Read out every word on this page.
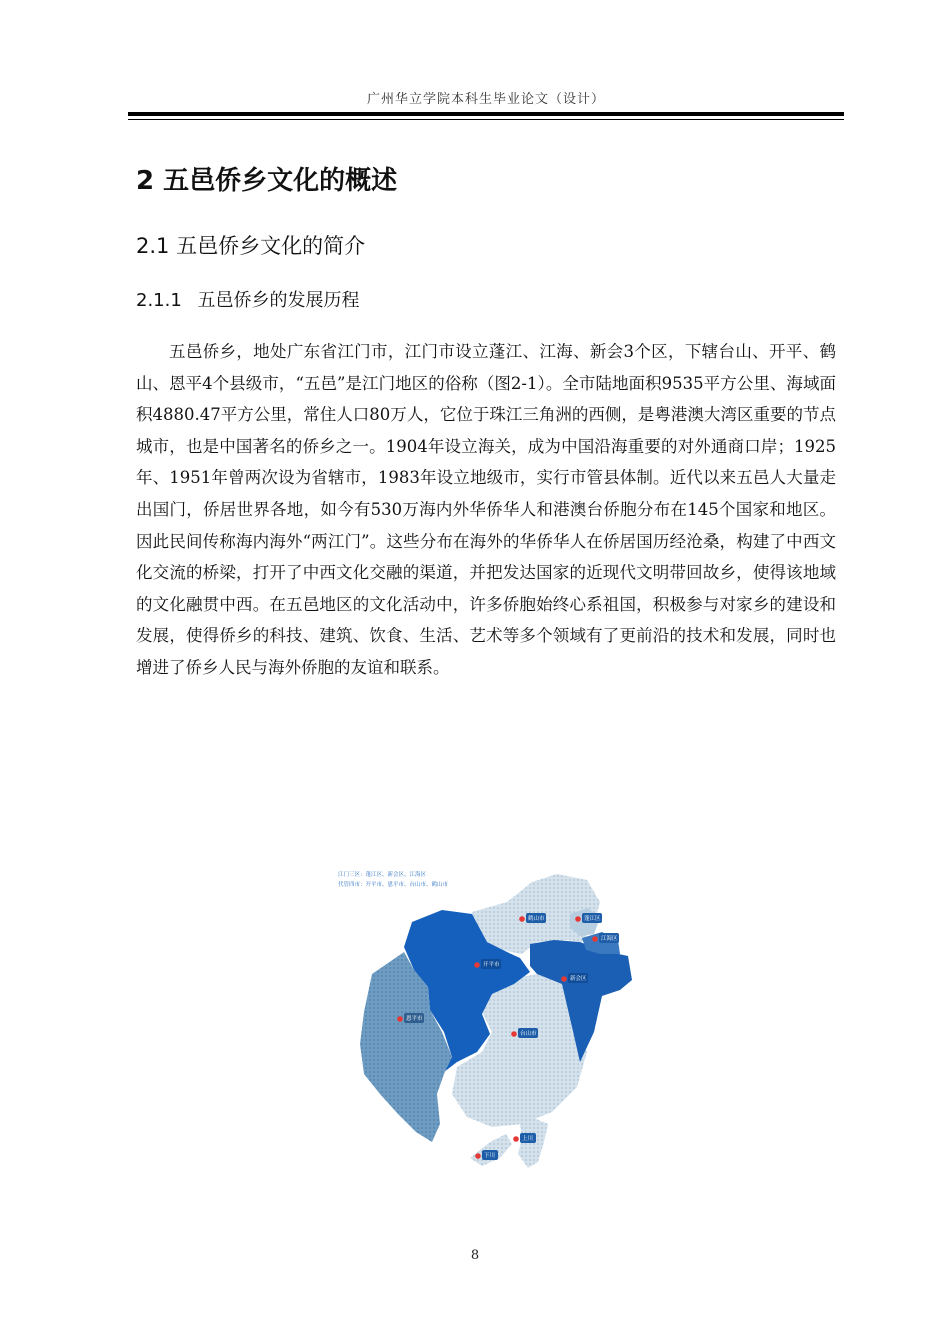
广州华立学院本科生毕业论文（设计）
2 五邑侨乡文化的概述
2.1 五邑侨乡文化的简介
2.1.1 五邑侨乡的发展历程

五邑侨乡，地处广东省江门市，江门市设立蓬江、江海、新会3个区，下辖台山、开平、鹤山、恩平4个县级市，“五邑”是江门地区的俗称（图2-1）。全市陆地面积9535平方公里、海域面积4880.47平方公里，常住人口80万人，它位于珠江三角洲的西侧，是粤港澳大湾区重要的节点城市，也是中国著名的侨乡之一。1904年设立海关，成为中国沿海重要的对外通商口岸；1925年、1951年曾两次设为省辖市，1983年设立地级市，实行市管县体制。近代以来五邑人大量走出国门，侨居世界各地，如今有530万海内外华侨华人和港澳台侨胞分布在145个国家和地区。因此民间传称海内海外“两江门”。这些分布在海外的华侨华人在侨居国历经沧桑，构建了中西文化交流的桥梁，打开了中西文化交融的渠道，并把发达国家的近现代文明带回故乡，使得该地域的文化融贯中西。在五邑地区的文化活动中，许多侨胞始终心系祖国，积极参与对家乡的建设和发展，使得侨乡的科技、建筑、饮食、生活、艺术等多个领域有了更前沿的技术和发展，同时也增进了侨乡人民与海外侨胞的友谊和联系。

江门三区：蓬江区、新会区、江海区
代管四市：开平市、恩平市、台山市、鹤山市
鹤山市	蓬江区
江海区
开平市
新会区
恩平市
台山市
上川
下川
8
